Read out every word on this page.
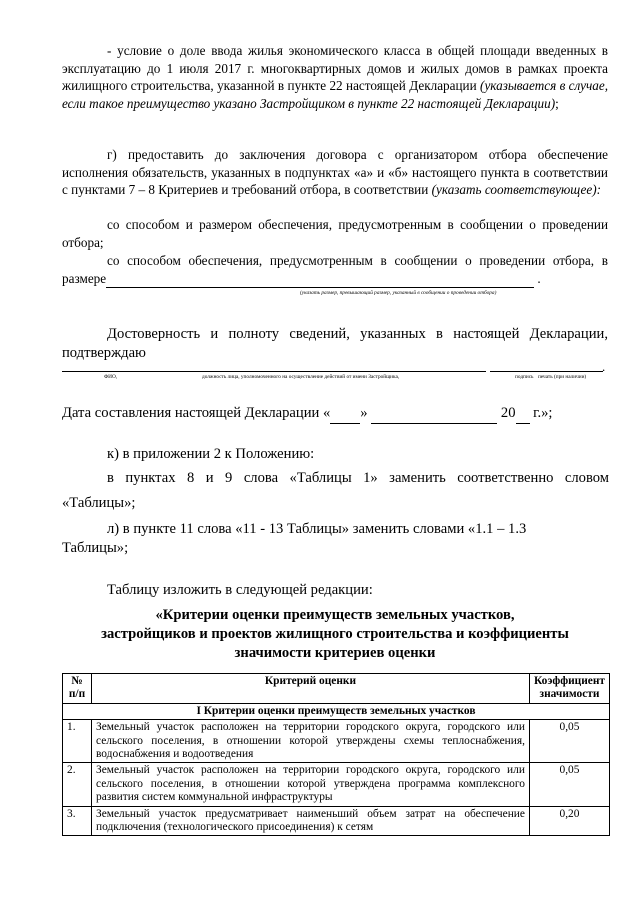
- условие о доле ввода жилья экономического класса в общей площади введенных в эксплуатацию до 1 июля 2017 г. многоквартирных домов и жилых домов в рамках проекта жилищного строительства, указанной в пункте 22 настоящей Декларации (указывается в случае, если такое преимущество указано Застройщиком в пункте 22 настоящей Декларации);
г) предоставить до заключения договора с организатором отбора обеспечение исполнения обязательств, указанных в подпунктах «а» и «б» настоящего пункта в соответствии с пунктами 7 – 8 Критериев и требований отбора, в соответствии (указать соответствующее):
со способом и размером обеспечения, предусмотренным в сообщении о проведении отбора;
со способом обеспечения, предусмотренным в сообщении о проведении отбора, в размере	.
(указать размер, превышающий размер, указанный в сообщении о проведении отбора)
Достоверность и полноту сведений, указанных в настоящей Декларации, подтверждаю
.
ФИО,	должность лица, уполномоченного на осуществление действий от имени Застройщика,	подпись печать (при наличии)
Дата составления настоящей Декларации « »	20  г.»;
к) в приложении 2 к Положению:
в пунктах 8 и 9 слова «Таблицы 1» заменить соответственно словом
«Таблицы»;
л) в пункте 11 слова «11 - 13 Таблицы» заменить словами «1.1 – 1.3
Таблицы»;
Таблицу изложить в следующей редакции:
«Критерии оценки преимуществ земельных участков,
застройщиков и проектов жилищного строительства и коэффициенты
значимости критериев оценки
№ п/п	Критерий оценки	Коэффициент значимости
I Критерии оценки преимуществ земельных участков		
1.	Земельный участок расположен на территории городского округа, городского или сельского поселения, в отношении которой утверждены схемы теплоснабжения, водоснабжения и водоотведения	0,05
2.	Земельный участок расположен на территории городского округа, городского или сельского поселения, в отношении которой утверждена программа комплексного развития систем коммунальной инфраструктуры	0,05
3.	Земельный участок предусматривает наименьший объем затрат на обеспечение подключения (технологического присоединения) к сетям	0,20
